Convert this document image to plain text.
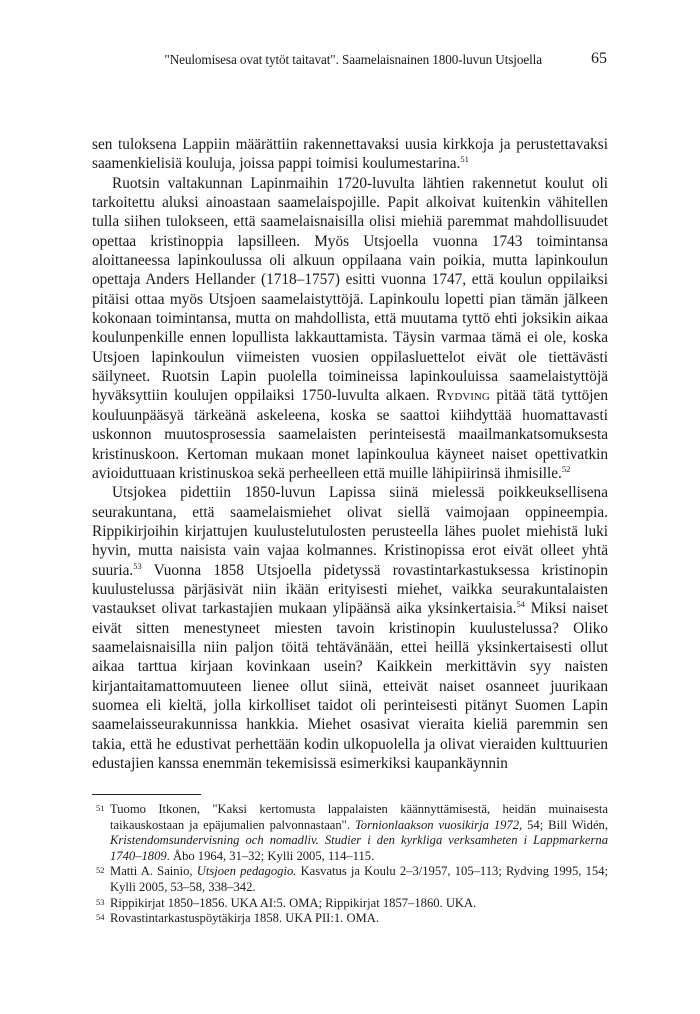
"Neulomisesa ovat tytöt taitavat". Saamelaisnainen 1800-luvun Utsjoella	65

sen tuloksena Lappiin määrättiin rakennettavaksi uusia kirkkoja ja perustettavaksi saamenkielisiä kouluja, joissa pappi toimisi koulumestarina.$^{51}$

Ruotsin valtakunnan Lapinmaihin 1720-luvulta lähtien rakennetut koulut oli tarkoitettu aluksi ainoastaan saamelaispojille. Papit alkoivat kuitenkin vähitellen tulla siihen tulokseen, että saamelaisnaisilla olisi miehiä paremmat mahdollisuudet opettaa kristinoppia lapsilleen. Myös Utsjoella vuonna 1743 toimintansa aloittaneessa lapinkoulussa oli alkuun oppilaana vain poikia, mutta lapinkoulun opettaja Anders Hellander (1718–1757) esitti vuonna 1747, että koulun oppilaiksi pitäisi ottaa myös Utsjoen saamelaistyttöjä. Lapinkoulu lopetti pian tämän jälkeen kokonaan toimintansa, mutta on mahdollista, että muutama tyttö ehti joksikin aikaa koulunpenkille ennen lopullista lakkauttamista. Täysin varmaa tämä ei ole, koska Utsjoen lapinkoulun viimeisten vuosien oppilasluettelot eivät ole tiettävästi säilyneet. Ruotsin Lapin puolella toimineissa lapinkouluissa saamelaistyttöjä hyväksyttiin koulujen oppilaiksi 1750-luvulta alkaen. Rydving pitää tätä tyttöjen kouluunpääsyä tärkeänä askeleena, koska se saattoi kiihdyttää huomattavasti uskonnon muutosprosessia saamelaisten perinteisestä maailmankatsomuksesta kristinuskoon. Kertoman mukaan monet lapinkoulua käyneet naiset opettivatkin avioiduttuaan kristinuskoa sekä perheelleen että muille lähipiirinsä ihmisille.$^{52}$

Utsjokea pidettiin 1850-luvun Lapissa siinä mielessä poikkeuksellisena seurakuntana, että saamelaismiehet olivat siellä vaimojaan oppineempia. Rippikirjoihin kirjattujen kuulustelutulosten perusteella lähes puolet miehistä luki hyvin, mutta naisista vain vajaa kolmannes. Kristinopissa erot eivät olleet yhtä suuria.$^{53}$ Vuonna 1858 Utsjoella pidetyssä rovastintarkastuksessa kristinopin kuulustelussa pärjäsivät niin ikään erityisesti miehet, vaikka seurakuntalaisten vastaukset olivat tarkastajien mukaan ylipäänsä aika yksinkertaisia.$^{54}$ Miksi naiset eivät sitten menestyneet miesten tavoin kristinopin kuulustelussa? Oliko saamelaisnaisilla niin paljon töitä tehtävänään, ettei heillä yksinkertaisesti ollut aikaa tarttua kirjaan kovinkaan usein? Kaikkein merkittävin syy naisten kirjantaitamattomuuteen lienee ollut siinä, etteivät naiset osanneet juurikaan suomea eli kieltä, jolla kirkolliset taidot oli perinteisesti pitänyt Suomen Lapin saamelaisseurakunnissa hankkia. Miehet osasivat vieraita kieliä paremmin sen takia, että he edustivat perhettään kodin ulkopuolella ja olivat vieraiden kulttuurien edustajien kanssa enemmän tekemisissä esimerkiksi kaupankäynnin

51 Tuomo Itkonen, "Kaksi kertomusta lappalaisten käännyttämisestä, heidän muinaisesta taikauskostaan ja epäjumalien palvonnastaan". Tornionlaakson vuosikirja 1972, 54; Bill Widén, Kristendomsundervisning och nomadliv. Studier i den kyrkliga verksamheten i Lappmarkerna 1740–1809. Åbo 1964, 31–32; Kylli 2005, 114–115.

52 Matti A. Sainio, Utsjoen pedagogio. Kasvatus ja Koulu 2–3/1957, 105–113; Rydving 1995, 154; Kylli 2005, 53–58, 338–342.

53 Rippikirjat 1850–1856. UKA AI:5. OMA; Rippikirjat 1857–1860. UKA.

54 Rovastintarkastuspöytäkirja 1858. UKA PII:1. OMA.
